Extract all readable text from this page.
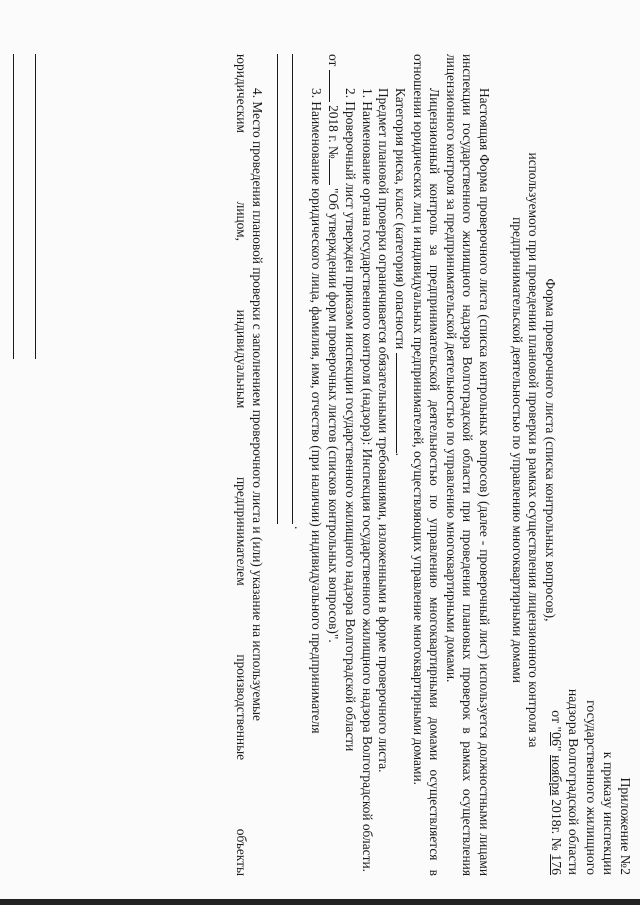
Приложение №2
к приказу инспекции
государственного жилищного
надзора Волгоградской области
от "06" ноября 2018г. № 176
Форма проверочного листа (списка контрольных вопросов),
используемого при проведении плановой проверки в рамках осуществления лицензионного контроля за
предпринимательской деятельностью по управлению многоквартирными домами

Настоящая Форма проверочного листа (списка контрольных вопросов) (далее - проверочный лист) используется должностными лицами инспекции государственного жилищного надзора Волгоградской области при проведении плановых проверок в рамках осуществления лицензионного контроля за предпринимательской деятельностью по управлению многоквартирными домами.

Лицензионный контроль за предпринимательской деятельностью по управлению многоквартирными домами осуществляется в отношении юридических лиц и индивидуальных предпринимателей, осуществляющих управление многоквартирными домами.

Категория риска, класс (категория) опасности .

Предмет плановой проверки ограничивается обязательными требованиями, изложенными в форме проверочного листа.

1. Наименование органа государственного контроля (надзора): Инспекция государственного жилищного надзора Волгоградской области.

2. Проверочный лист утвержден приказом инспекции государственного жилищного надзора Волгоградской области

от  2018 г. № "Об утверждении форм проверочных листов (списков контрольных вопросов)".

3. Наименование юридического лица, фамилия, имя, отчество (при наличии) индивидуального предпринимателя

.

4. Место проведения плановой проверки с заполнением проверочного листа и (или) указание на используемые

юридическим лицом, индивидуальным предпринимателем производственные объекты
